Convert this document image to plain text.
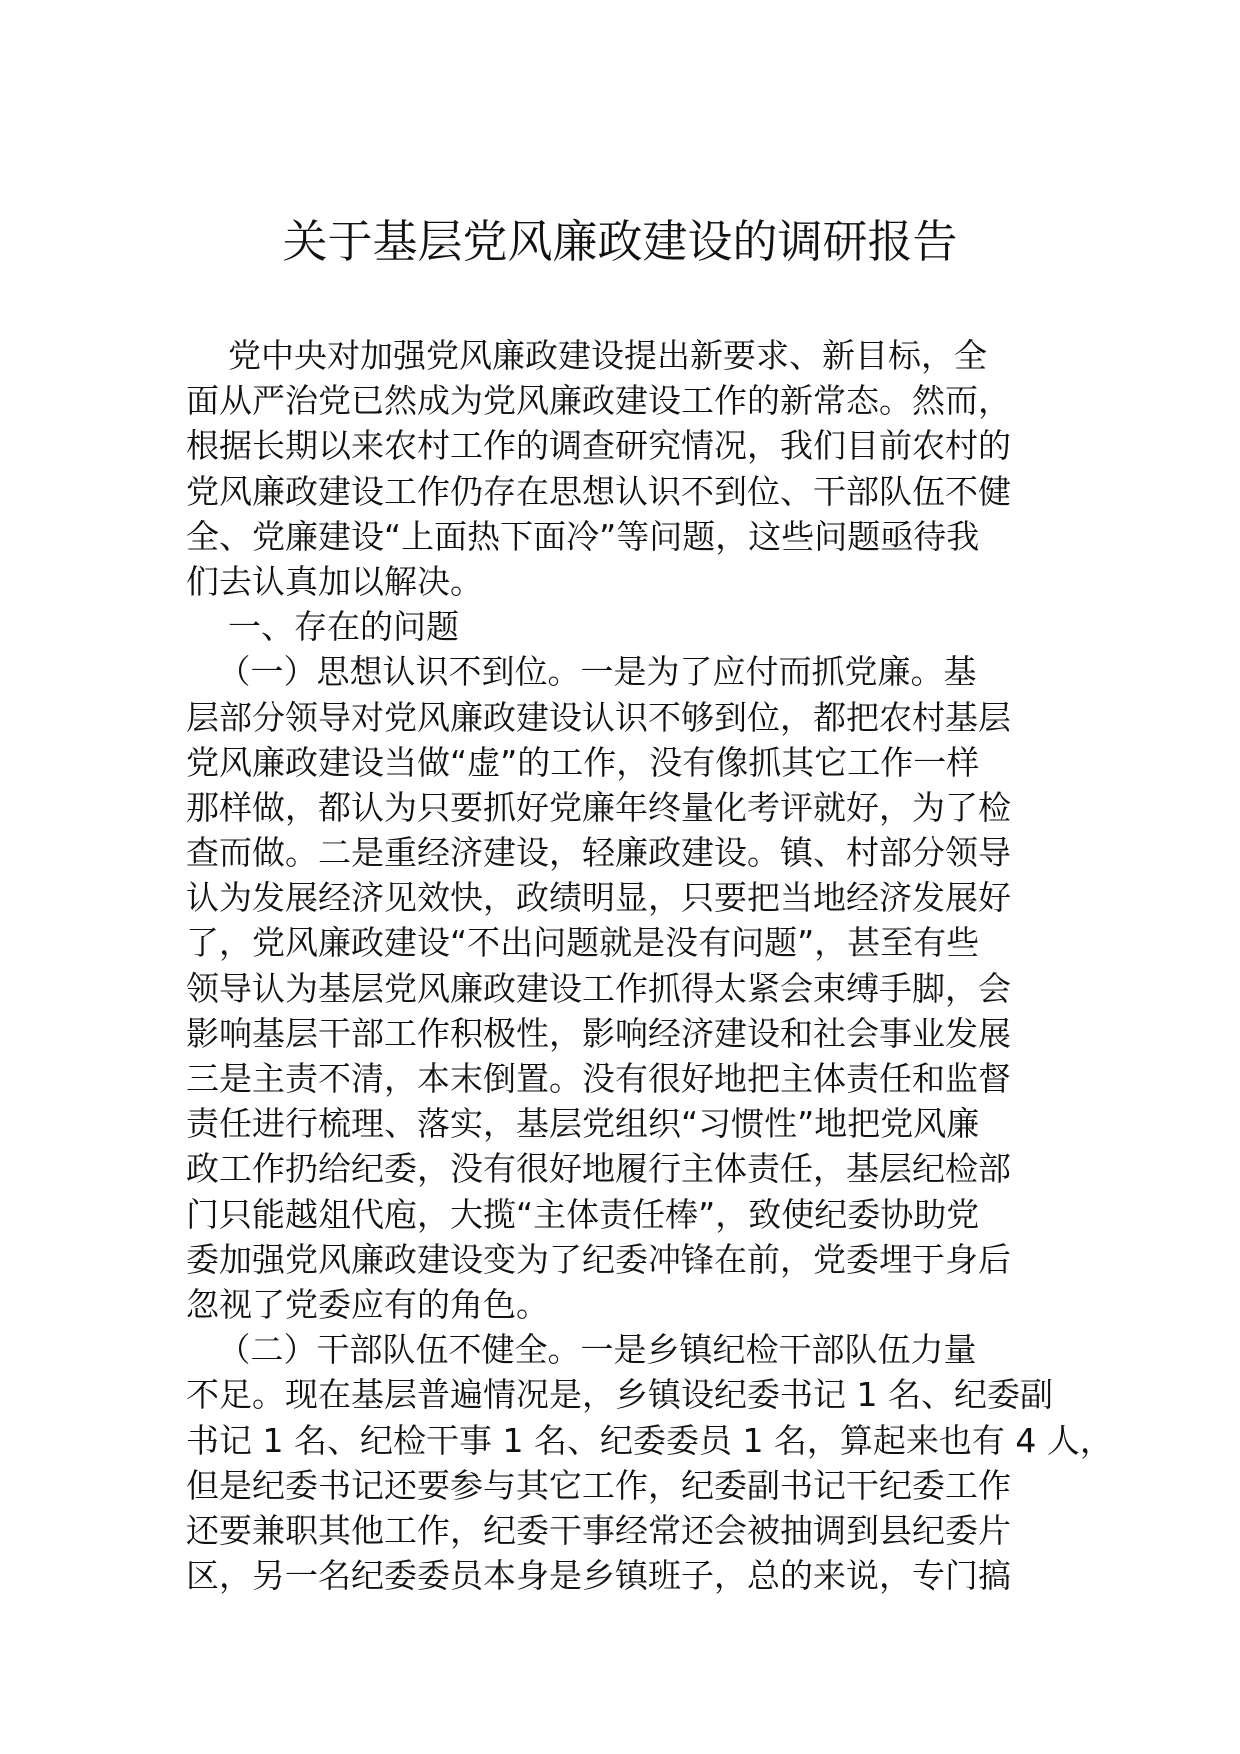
关于基层党风廉政建设的调研报告
党中央对加强党风廉政建设提出新要求、新目标，全
面从严治党已然成为党风廉政建设工作的新常态。然而，
根据长期以来农村工作的调查研究情况，我们目前农村的
党风廉政建设工作仍存在思想认识不到位、干部队伍不健
全、党廉建设“上面热下面冷”等问题，这些问题亟待我
们去认真加以解决。
一、存在的问题
（一）思想认识不到位。一是为了应付而抓党廉。基
层部分领导对党风廉政建设认识不够到位，都把农村基层
党风廉政建设当做“虚”的工作，没有像抓其它工作一样
那样做，都认为只要抓好党廉年终量化考评就好，为了检
查而做。二是重经济建设，轻廉政建设。镇、村部分领导
认为发展经济见效快，政绩明显，只要把当地经济发展好
了，党风廉政建设“不出问题就是没有问题”，甚至有些
领导认为基层党风廉政建设工作抓得太紧会束缚手脚，会
影响基层干部工作积极性，影响经济建设和社会事业发展
三是主责不清，本末倒置。没有很好地把主体责任和监督
责任进行梳理、落实，基层党组织“习惯性”地把党风廉
政工作扔给纪委，没有很好地履行主体责任，基层纪检部
门只能越俎代庖，大揽“主体责任棒”，致使纪委协助党
委加强党风廉政建设变为了纪委冲锋在前，党委埋于身后
忽视了党委应有的角色。
（二）干部队伍不健全。一是乡镇纪检干部队伍力量
不足。现在基层普遍情况是，乡镇设纪委书记 1 名、纪委副
书记 1 名、纪检干事 1 名、纪委委员 1 名，算起来也有 4 人，
但是纪委书记还要参与其它工作，纪委副书记干纪委工作
还要兼职其他工作，纪委干事经常还会被抽调到县纪委片
区，另一名纪委委员本身是乡镇班子，总的来说，专门搞
